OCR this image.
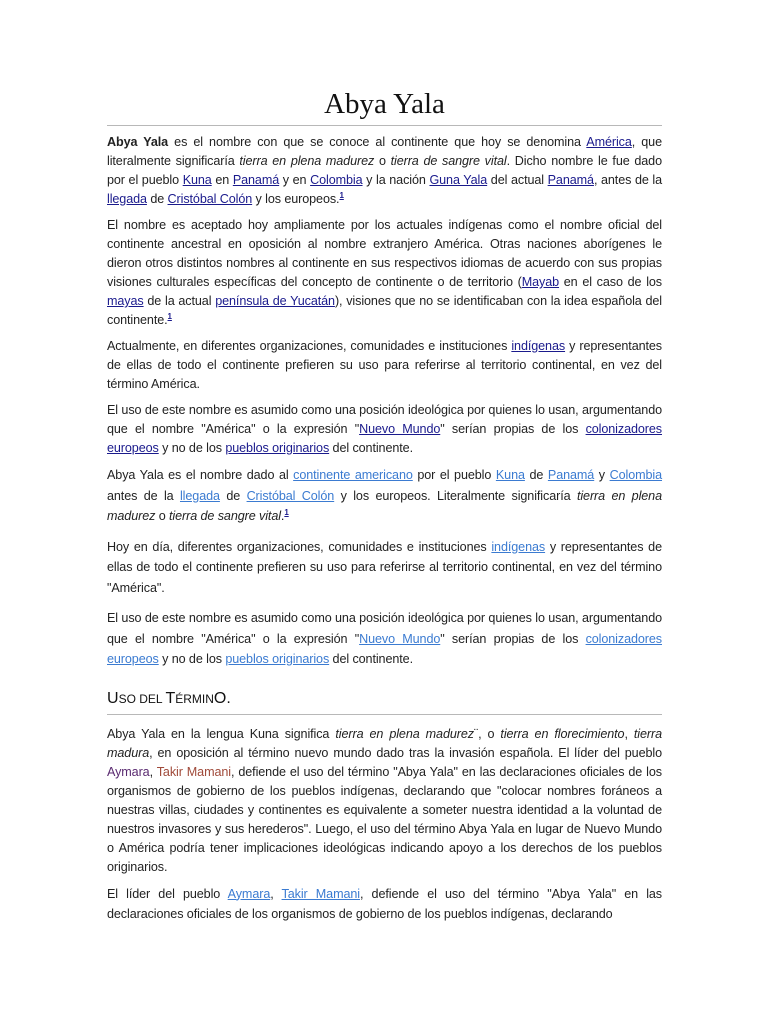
Abya Yala

Abya Yala es el nombre con que se conoce al continente que hoy se denomina América, que literalmente significaría tierra en plena madurez o tierra de sangre vital. Dicho nombre le fue dado por el pueblo Kuna en Panamá y en Colombia y la nación Guna Yala del actual Panamá, antes de la llegada de Cristóbal Colón y los europeos.$^1$

El nombre es aceptado hoy ampliamente por los actuales indígenas como el nombre oficial del continente ancestral en oposición al nombre extranjero América. Otras naciones aborígenes le dieron otros distintos nombres al continente en sus respectivos idiomas de acuerdo con sus propias visiones culturales específicas del concepto de continente o de territorio (Mayab en el caso de los mayas de la actual península de Yucatán), visiones que no se identificaban con la idea española del continente.$^1$

Actualmente, en diferentes organizaciones, comunidades e instituciones indígenas y representantes de ellas de todo el continente prefieren su uso para referirse al territorio continental, en vez del término América.

El uso de este nombre es asumido como una posición ideológica por quienes lo usan, argumentando que el nombre "América" o la expresión "Nuevo Mundo" serían propias de los colonizadores europeos y no de los pueblos originarios del continente.

Abya Yala es el nombre dado al continente americano por el pueblo Kuna de Panamá y Colombia antes de la llegada de Cristóbal Colón y los europeos. Literalmente significaría tierra en plena madurez o tierra de sangre vital.$^1$

Hoy en día, diferentes organizaciones, comunidades e instituciones indígenas y representantes de ellas de todo el continente prefieren su uso para referirse al territorio continental, en vez del término "América".

El uso de este nombre es asumido como una posición ideológica por quienes lo usan, argumentando que el nombre "América" o la expresión "Nuevo Mundo" serían propias de los colonizadores europeos y no de los pueblos originarios del continente.

USO DEL TÉRMINO.

Abya Yala en la lengua Kuna significa tierra en plena madurez¨, o tierra en florecimiento, tierra madura, en oposición al término nuevo mundo dado tras la invasión española. El líder del pueblo Aymara, Takir Mamani, defiende el uso del término "Abya Yala" en las declaraciones oficiales de los organismos de gobierno de los pueblos indígenas, declarando que "colocar nombres foráneos a nuestras villas, ciudades y continentes es equivalente a someter nuestra identidad a la voluntad de nuestros invasores y sus herederos". Luego, el uso del término Abya Yala en lugar de Nuevo Mundo o América podría tener implicaciones ideológicas indicando apoyo a los derechos de los pueblos originarios.

El líder del pueblo Aymara, Takir Mamani, defiende el uso del término "Abya Yala" en las declaraciones oficiales de los organismos de gobierno de los pueblos indígenas, declarando
